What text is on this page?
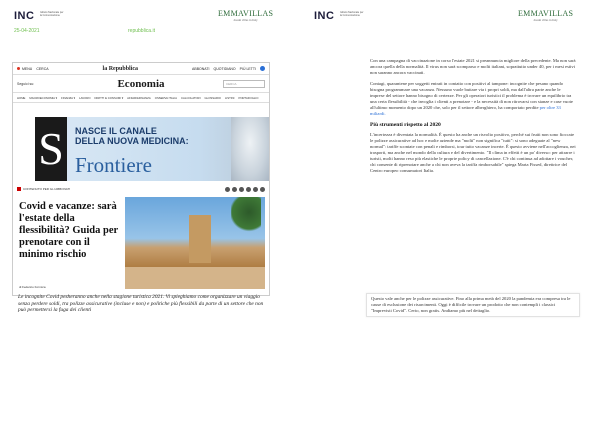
INC Istituto Nazionale per la Comunicazione	EMMAVILLAS
dream villas in Italy
25-04-2021	repubblica.it
MENU CERCA	la Repubblica	ABBONATI QUOTIDIANO PIÙ LETTI
Seguici su:	Economia	CERCA
HOME MACROECONOMIA ▾ FINANZA ▾ LAVORO DIRITTI E CONSUMI ▾ AFFARI&FINANZA OSSERVA ITALIA CALCOLATORI GLOSSARIO LISTINI PORTAFOGLIO
S	NASCE IL CANALE
DELLA NUOVA MEDICINA:
Frontiere
CONTENUTO PER GLI ABBONATI
Covid e vacanze: sarà l'estate della flessibilità? Guida per prenotare con il minimo rischio
di Federico Formica
Le incognite Covid pesheranno anche nella stagione turistica 2021. Vi spieghiamo come organizzare un viaggio senza perdere soldi, tra polizze assicurative (incluse e non) e politiche più flessibili da parte di un settore che non può permettersi la fuga dei clienti
INC Istituto Nazionale per la Comunicazione	EMMAVILLAS
dream villas in Italy

Con una campagna di vaccinazione in corso l'estate 2021 si preannuncia migliore della precedente. Ma non sarà ancora quella della normalità. Il virus non sarà scomparso e molti italiani, soprattutto under 40, per i mesi estivi non saranno ancora vaccinati.

Contagi, quarantene per soggetti entrati in contatto con positivi al tampone: incognite che pesano quando bisogna programmare una vacanza. Nessuno vuole buttare via i propri soldi, ma dall'altra parte anche le imprese del settore hanno bisogno di certezze. Per gli operatori turistici il problema è trovare un equilibrio tra una certa flessibilità - che invoglia i clienti a prenotare - e la necessità di non ritrovarsi con stanze e case vuote all'ultimo momento dopo un 2020 che, solo per il settore alberghiero, ha comportato perdite per oltre 33 miliardi.

Più strumenti rispetto al 2020

L'incertezza è diventata la normalità. È questo ha anche un risvolto positivo, perché sui frutti non sono fioccate le polizze assicurative ad hoc e molte aziende ma "molti" non significa "tutti": si sono adeguate al "new normal": tariffe scontate con penali e rimborsi, tour tutto vacanze incerte. È questo avviene nell'accoglienza, nei trasporti, ma anche nel mondo della cultura e del divertimento. "Il clima in effetti è un po' diverso: per attrarre i turisti, molti hanno reso più elastiche le proprie policy di cancellazione. C'è chi continua ad adottare i voucher, chi consente di riprenotare anche a chi non aveva la tariffa rimborsabile" spiega Marta Fissed, direttrice del Centro europeo consumatori Italia.

Questo vale anche per le polizze assicurative. Fino alla prima metà del 2020 la pandemia era compresa tra le cause di esclusione dei risarcimenti. Oggi è difficile trovare un prodotto che non contempli i classici "Imprevisti Covid". Certo, non gratis. Andiamo più nel dettaglio.
